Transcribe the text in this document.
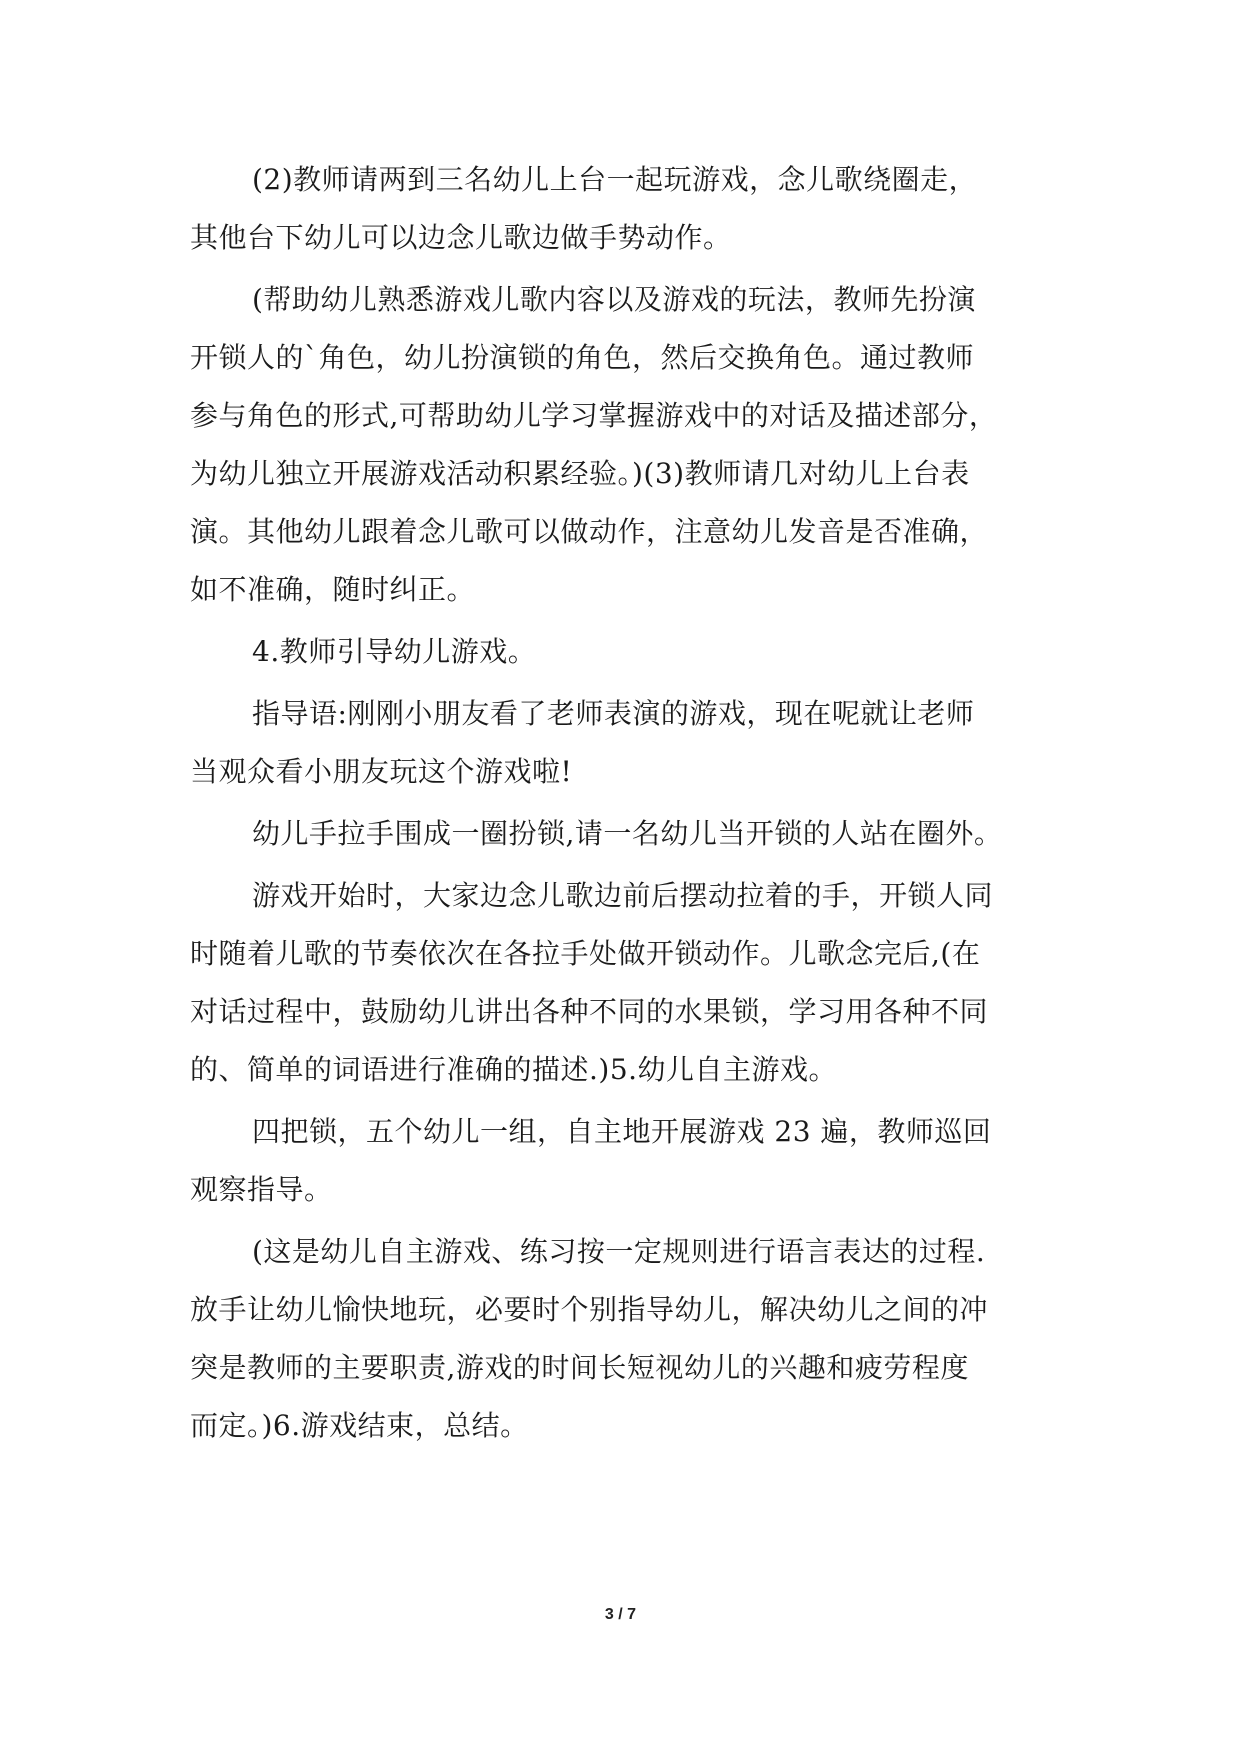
(2)教师请两到三名幼儿上台一起玩游戏，念儿歌绕圈走，
其他台下幼儿可以边念儿歌边做手势动作。
(帮助幼儿熟悉游戏儿歌内容以及游戏的玩法，教师先扮演
开锁人的`角色，幼儿扮演锁的角色，然后交换角色。通过教师
参与角色的形式,可帮助幼儿学习掌握游戏中的对话及描述部分，
为幼儿独立开展游戏活动积累经验。)(3)教师请几对幼儿上台表
演。其他幼儿跟着念儿歌可以做动作，注意幼儿发音是否准确，
如不准确，随时纠正。
4.教师引导幼儿游戏。
指导语:刚刚小朋友看了老师表演的游戏，现在呢就让老师
当观众看小朋友玩这个游戏啦!
幼儿手拉手围成一圈扮锁,请一名幼儿当开锁的人站在圈外。
游戏开始时，大家边念儿歌边前后摆动拉着的手，开锁人同
时随着儿歌的节奏依次在各拉手处做开锁动作。儿歌念完后,(在
对话过程中，鼓励幼儿讲出各种不同的水果锁，学习用各种不同
的、简单的词语进行准确的描述.)5.幼儿自主游戏。
四把锁，五个幼儿一组，自主地开展游戏 23 遍，教师巡回
观察指导。
(这是幼儿自主游戏、练习按一定规则进行语言表达的过程.
放手让幼儿愉快地玩，必要时个别指导幼儿，解决幼儿之间的冲
突是教师的主要职责,游戏的时间长短视幼儿的兴趣和疲劳程度
而定。)6.游戏结束，总结。
3 / 7
